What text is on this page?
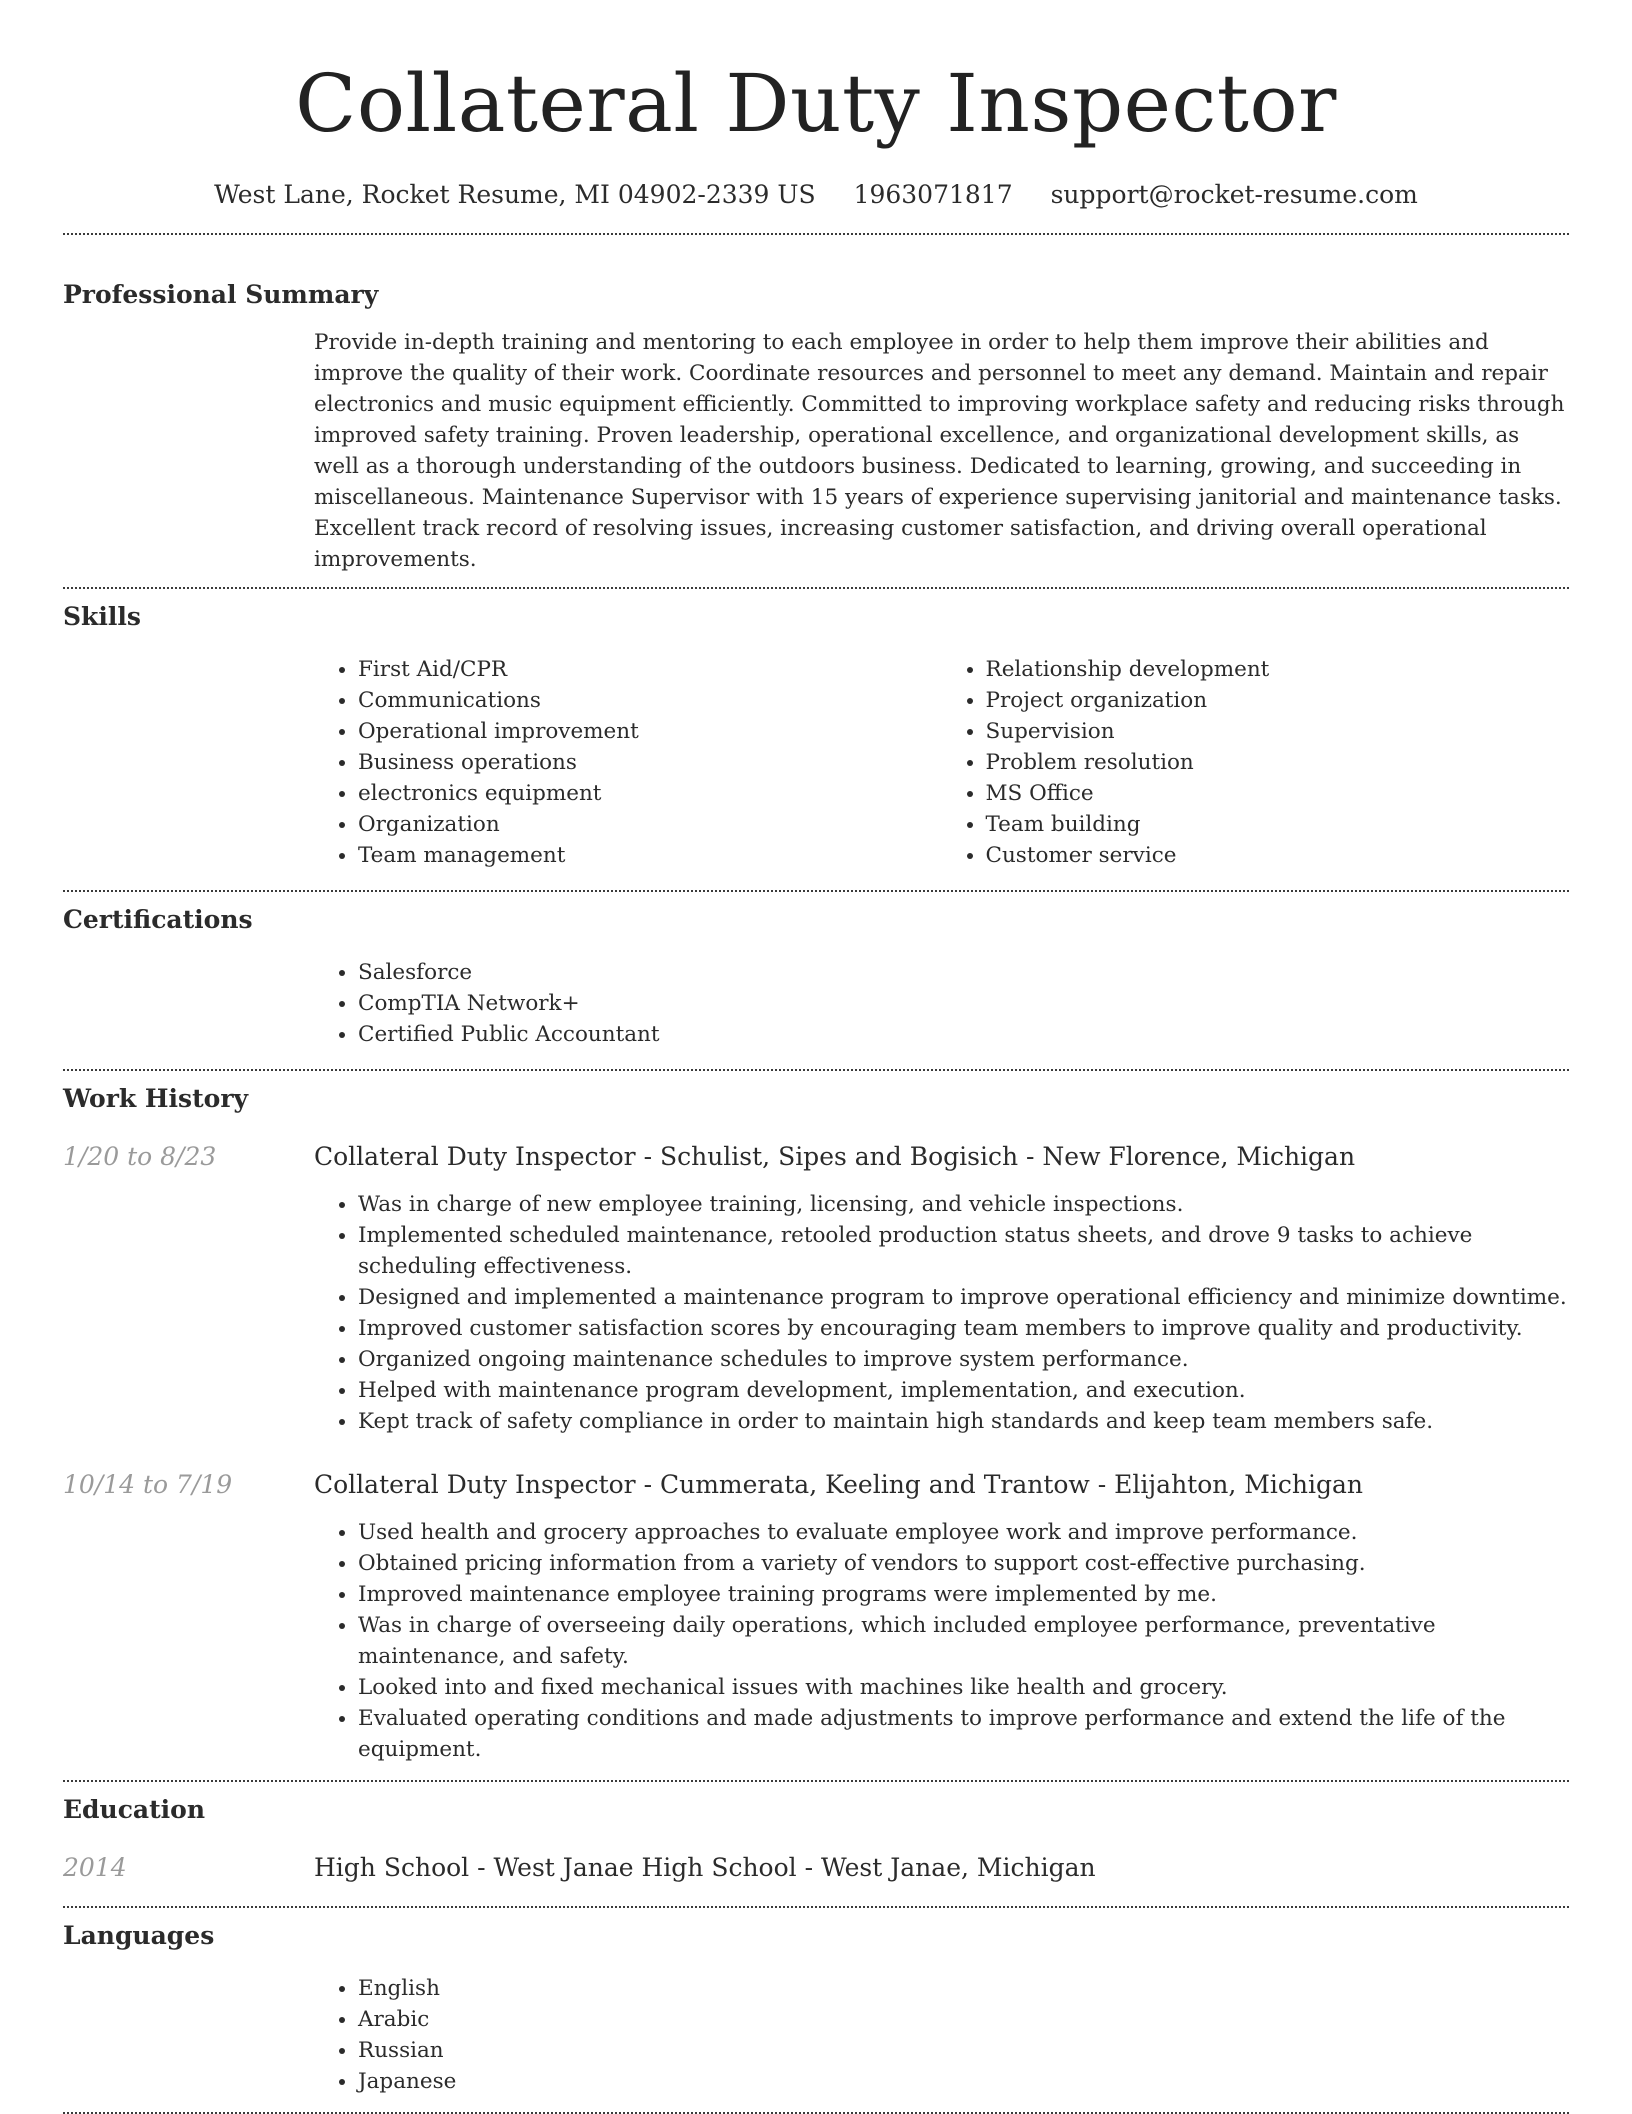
Collateral Duty Inspector
West Lane, Rocket Resume, MI 04902-2339 US 1963071817 support@rocket-resume.com
Professional Summary
Provide in-depth training and mentoring to each employee in order to help them improve their abilities and improve the quality of their work. Coordinate resources and personnel to meet any demand. Maintain and repair electronics and music equipment efficiently. Committed to improving workplace safety and reducing risks through improved safety training. Proven leadership, operational excellence, and organizational development skills, as well as a thorough understanding of the outdoors business. Dedicated to learning, growing, and succeeding in miscellaneous. Maintenance Supervisor with 15 years of experience supervising janitorial and maintenance tasks. Excellent track record of resolving issues, increasing customer satisfaction, and driving overall operational improvements.
Skills
• First Aid/CPR
• Communications
• Operational improvement
• Business operations
• electronics equipment
• Organization
• Team management
• Relationship development
• Project organization
• Supervision
• Problem resolution
• MS Office
• Team building
• Customer service
Certifications
• Salesforce
• CompTIA Network+
• Certified Public Accountant
Work History
1/20 to 8/23	Collateral Duty Inspector - Schulist, Sipes and Bogisich - New Florence, Michigan
• Was in charge of new employee training, licensing, and vehicle inspections.
• Implemented scheduled maintenance, retooled production status sheets, and drove 9 tasks to achieve scheduling effectiveness.
• Designed and implemented a maintenance program to improve operational efficiency and minimize downtime.
• Improved customer satisfaction scores by encouraging team members to improve quality and productivity.
• Organized ongoing maintenance schedules to improve system performance.
• Helped with maintenance program development, implementation, and execution.
• Kept track of safety compliance in order to maintain high standards and keep team members safe.
10/14 to 7/19	Collateral Duty Inspector - Cummerata, Keeling and Trantow - Elijahton, Michigan
• Used health and grocery approaches to evaluate employee work and improve performance.
• Obtained pricing information from a variety of vendors to support cost-effective purchasing.
• Improved maintenance employee training programs were implemented by me.
• Was in charge of overseeing daily operations, which included employee performance, preventative maintenance, and safety.
• Looked into and fixed mechanical issues with machines like health and grocery.
• Evaluated operating conditions and made adjustments to improve performance and extend the life of the equipment.
Education
2014	High School - West Janae High School - West Janae, Michigan
Languages
• English
• Arabic
• Russian
• Japanese
